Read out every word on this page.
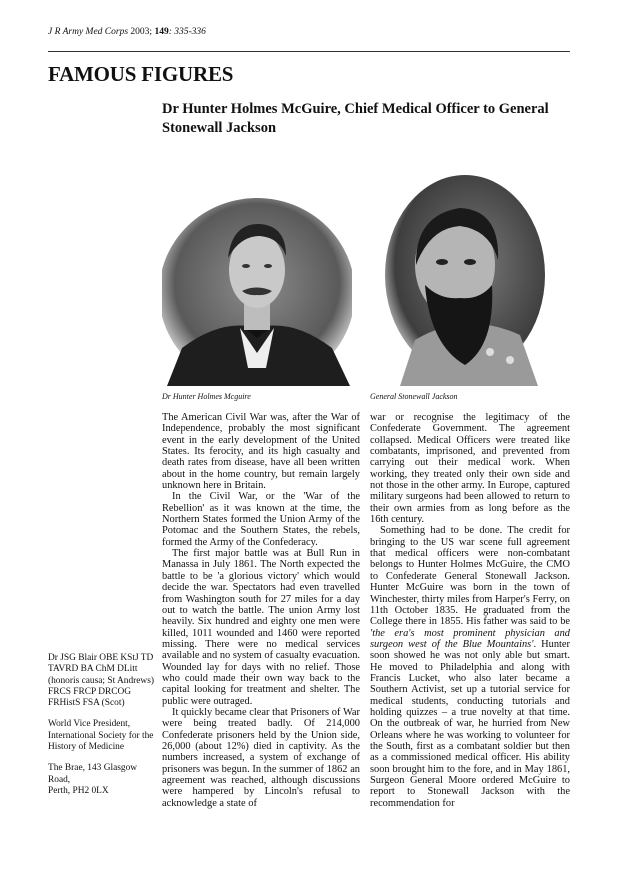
J R Army Med Corps 2003; 149: 335-336
FAMOUS FIGURES
Dr Hunter Holmes McGuire, Chief Medical Officer to General Stonewall Jackson
Dr Hunter Holmes Mcguire	General Stonewall Jackson

The American Civil War was, after the War of Independence, probably the most significant event in the early development of the United States. Its ferocity, and its high casualty and death rates from disease, have all been written about in the home country, but remain largely unknown here in Britain.

In the Civil War, or the 'War of the Rebellion' as it was known at the time, the Northern States formed the Union Army of the Potomac and the Southern States, the rebels, formed the Army of the Confederacy.

The first major battle was at Bull Run in Manassa in July 1861. The North expected the battle to be 'a glorious victory' which would decide the war. Spectators had even travelled from Washington south for 27 miles for a day out to watch the battle. The union Army lost heavily. Six hundred and eighty one men were killed, 1011 wounded and 1460 were reported missing. There were no medical services available and no system of casualty evacuation. Wounded lay for days with no relief. Those who could made their own way back to the capital looking for treatment and shelter. The public were outraged.

It quickly became clear that Prisoners of War were being treated badly. Of 214,000 Confederate prisoners held by the Union side, 26,000 (about 12%) died in captivity. As the numbers increased, a system of exchange of prisoners was begun. In the summer of 1862 an agreement was reached, although discussions were hampered by Lincoln's refusal to acknowledge a state of

war or recognise the legitimacy of the Confederate Government. The agreement collapsed. Medical Officers were treated like combatants, imprisoned, and prevented from carrying out their medical work. When working, they treated only their own side and not those in the other army. In Europe, captured military surgeons had been allowed to return to their own armies from as long before as the 16th century.

Something had to be done. The credit for bringing to the US war scene full agreement that medical officers were non-combatant belongs to Hunter Holmes McGuire, the CMO to Confederate General Stonewall Jackson. Hunter McGuire was born in the town of Winchester, thirty miles from Harper's Ferry, on 11th October 1835. He graduated from the College there in 1855. His father was said to be 'the era's most prominent physician and surgeon west of the Blue Mountains'. Hunter soon showed he was not only able but smart. He moved to Philadelphia and along with Francis Lucket, who also later became a Southern Activist, set up a tutorial service for medical students, conducting tutorials and holding quizzes – a true novelty at that time. On the outbreak of war, he hurried from New Orleans where he was working to volunteer for the South, first as a combatant soldier but then as a commissioned medical officer. His ability soon brought him to the fore, and in May 1861, Surgeon General Moore ordered McGuire to report to Stonewall Jackson with the recommendation for

Dr JSG Blair OBE KStJ TD TAVRD BA ChM DLitt (honoris causa; St Andrews) FRCS FRCP DRCOG FRHistS FSA (Scot)

World Vice President, International Society for the History of Medicine

The Brae, 143 Glasgow Road,
Perth, PH2 0LX
